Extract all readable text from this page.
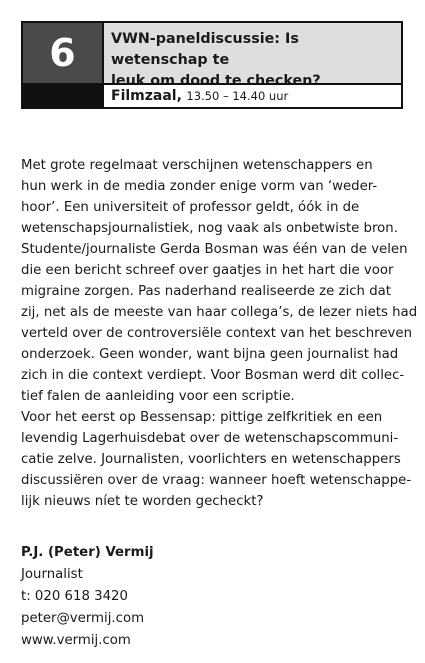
6	VWN-paneldiscussie: Is wetenschap te
leuk om dood te checken?
Filmzaal, 13.50 – 14.40 uur
Met grote regelmaat verschijnen wetenschappers en
hun werk in de media zonder enige vorm van ‘weder-
hoor’. Een universiteit of professor geldt, óók in de
wetenschapsjournalistiek, nog vaak als onbetwiste bron.
Studente/journaliste Gerda Bosman was één van de velen
die een bericht schreef over gaatjes in het hart die voor
migraine zorgen. Pas naderhand realiseerde ze zich dat
zij, net als de meeste van haar collega’s, de lezer niets had
verteld over de controversiële context van het beschreven
onderzoek. Geen wonder, want bijna geen journalist had
zich in die context verdiept. Voor Bosman werd dit collec-
tief falen de aanleiding voor een scriptie.
Voor het eerst op Bessensap: pittige zelfkritiek en een
levendig Lagerhuisdebat over de wetenschapscommuni-
catie zelve. Journalisten, voorlichters en wetenschappers
discussiëren over de vraag: wanneer hoeft wetenschappe-
lijk nieuws níet te worden gecheckt?
P.J. (Peter) Vermij
Journalist
t: 020 618 3420
peter@vermij.com
www.vermij.com
